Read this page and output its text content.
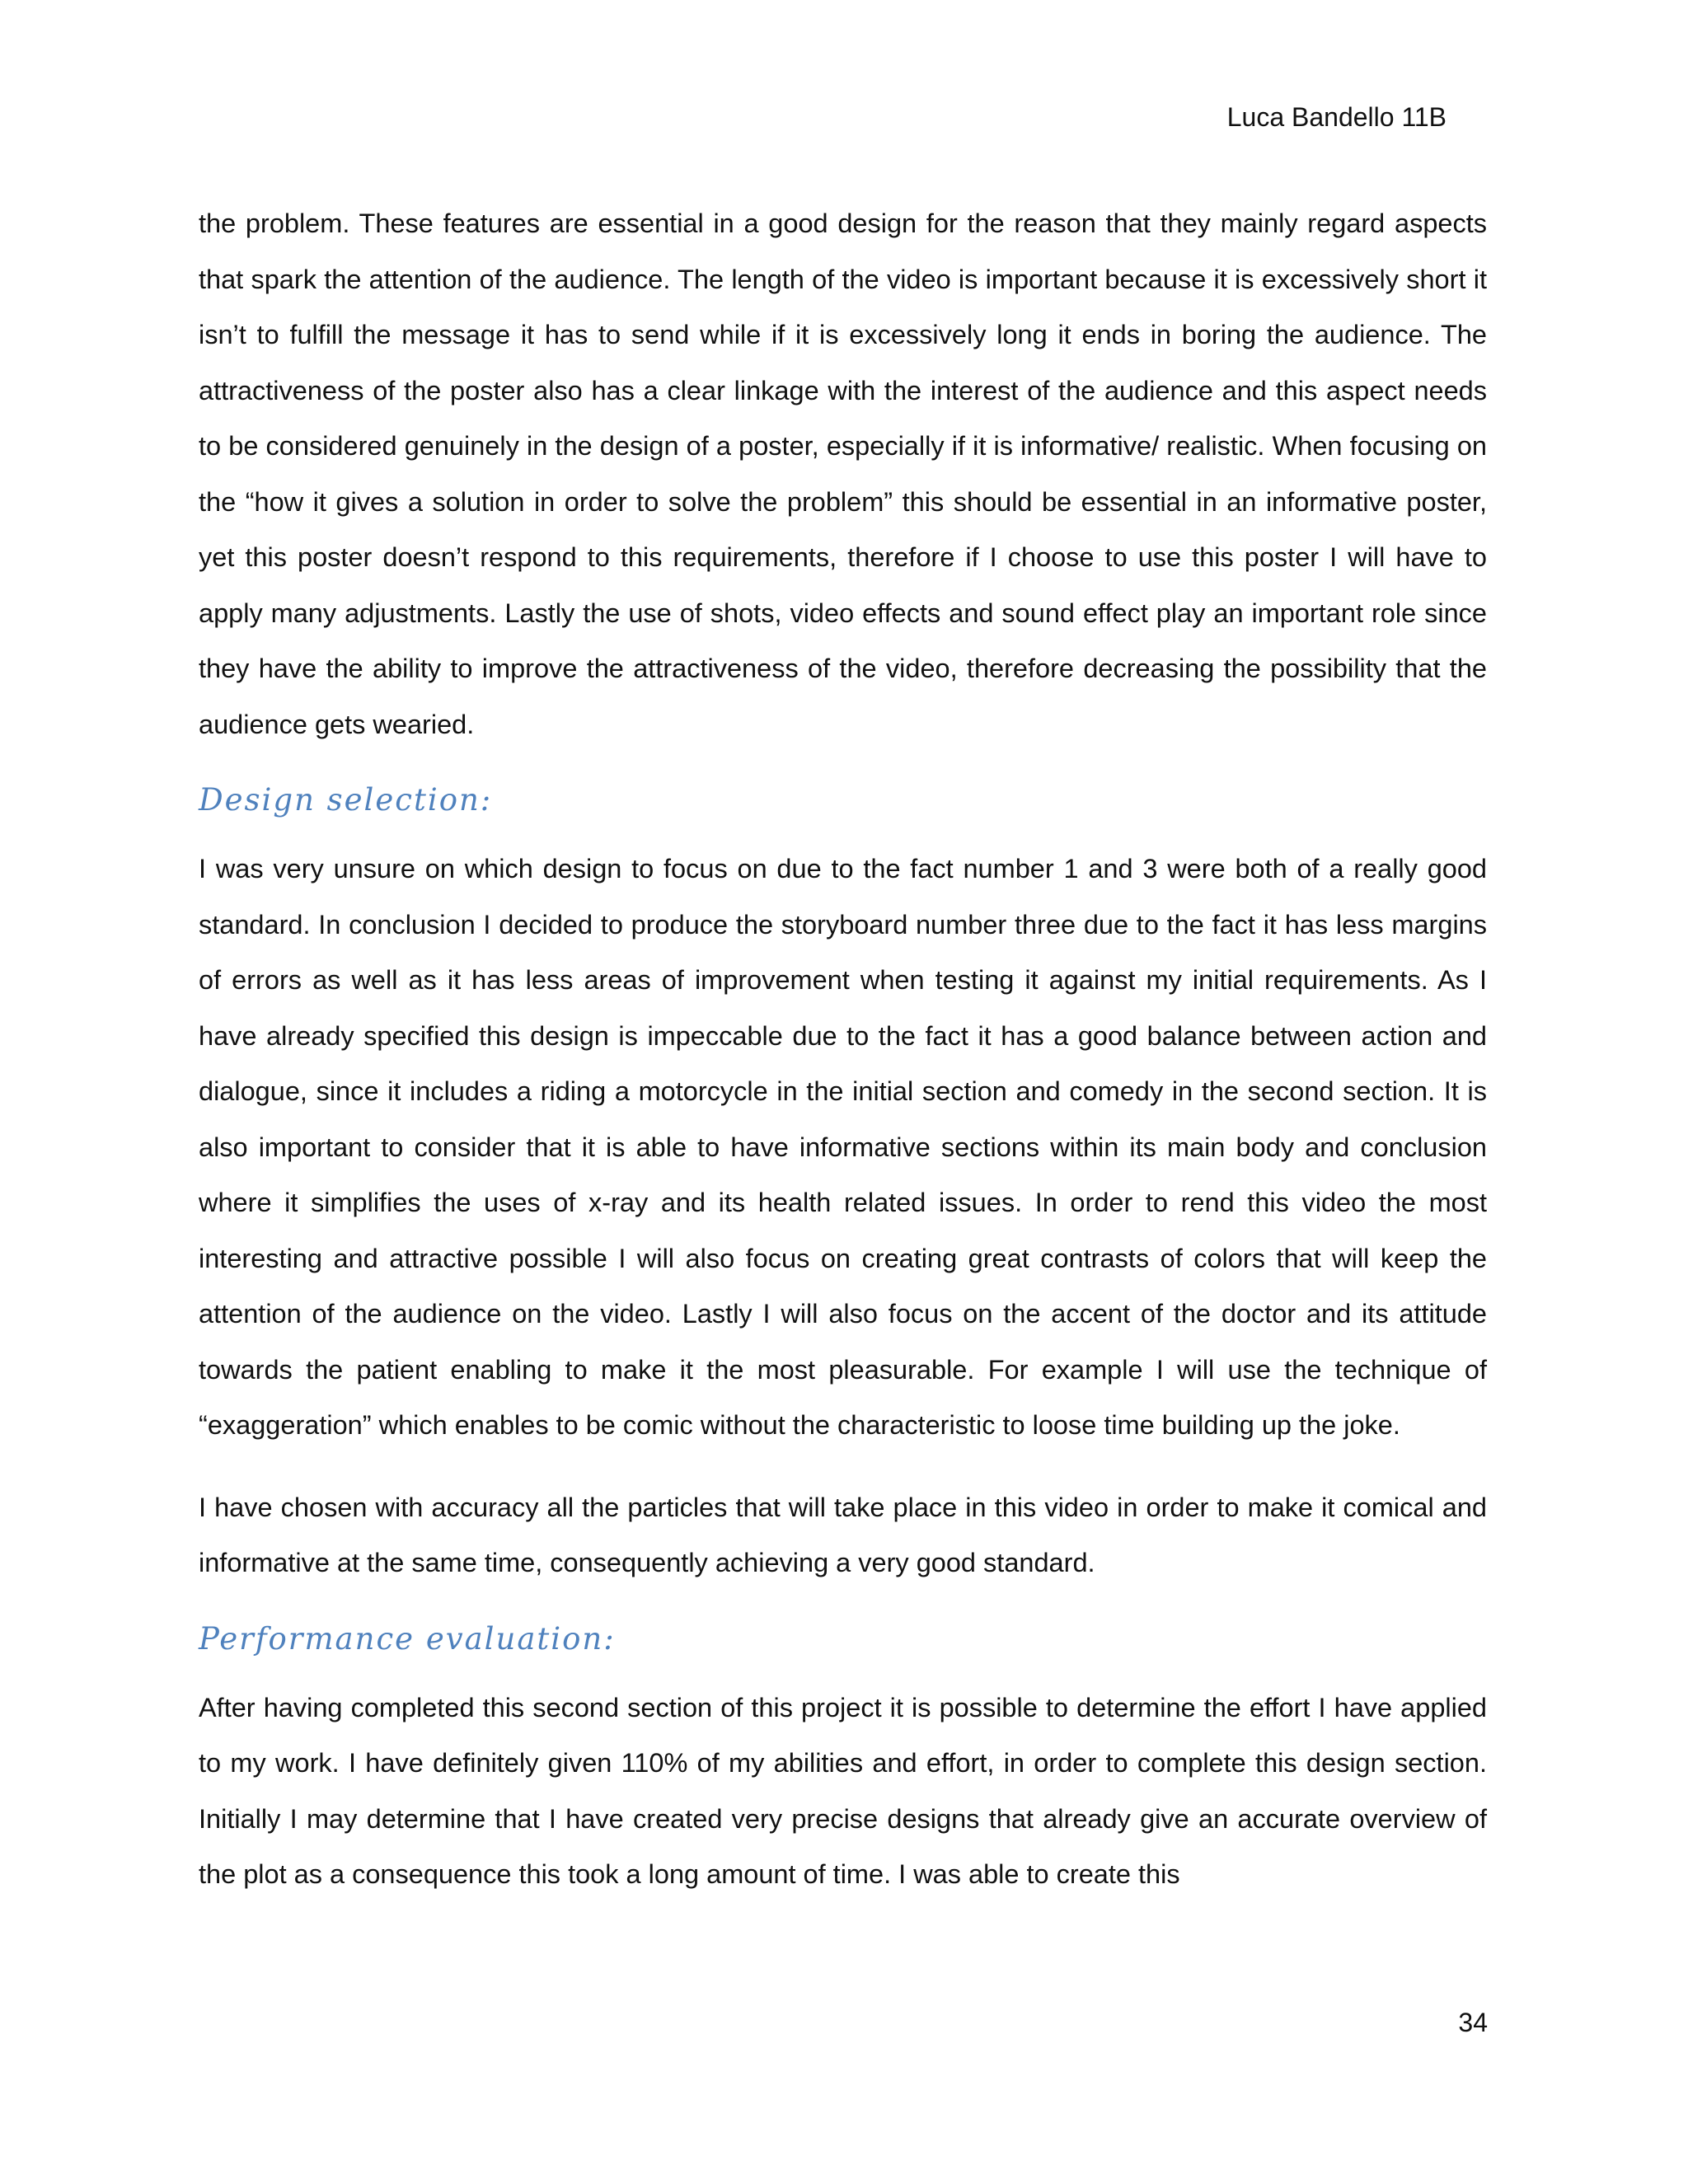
Luca Bandello 11B

the problem. These features are essential in a good design for the reason that they mainly regard aspects that spark the attention of the audience. The length of the video is important because it is excessively short it isn’t to fulfill the message it has to send while if it is excessively long it ends in boring the audience. The attractiveness of the poster also has a clear linkage with the interest of the audience and this aspect needs to be considered genuinely in the design of a poster, especially if it is informative/ realistic. When focusing on the “how it gives a solution in order to solve the problem” this should be essential in an informative poster, yet this poster doesn’t respond to this requirements, therefore if I choose to use this poster I will have to apply many adjustments. Lastly the use of shots, video effects and sound effect play an important role since they have the ability to improve the attractiveness of the video, therefore decreasing the possibility that the audience gets wearied.

Design selection:

I was very unsure on which design to focus on due to the fact number 1 and 3 were both of a really good standard. In conclusion I decided to produce the storyboard number three due to the fact it has less margins of errors as well as it has less areas of improvement when testing it against my initial requirements. As I have already specified this design is impeccable due to the fact it has a good balance between action and dialogue, since it includes a riding a motorcycle in the initial section and comedy in the second section. It is also important to consider that it is able to have informative sections within its main body and conclusion where it simplifies the uses of x-ray and its health related issues. In order to rend this video the most interesting and attractive possible I will also focus on creating great contrasts of colors that will keep the attention of the audience on the video. Lastly I will also focus on the accent of the doctor and its attitude towards the patient enabling to make it the most pleasurable. For example I will use the technique of “exaggeration” which enables to be comic without the characteristic to loose time building up the joke.

I have chosen with accuracy all the particles that will take place in this video in order to make it comical and informative at the same time, consequently achieving a very good standard.

Performance evaluation:

After having completed this second section of this project it is possible to determine the effort I have applied to my work. I have definitely given 110% of my abilities and effort, in order to complete this design section. Initially I may determine that I have created very precise designs that already give an accurate overview of the plot as a consequence this took a long amount of time. I was able to create this

34
